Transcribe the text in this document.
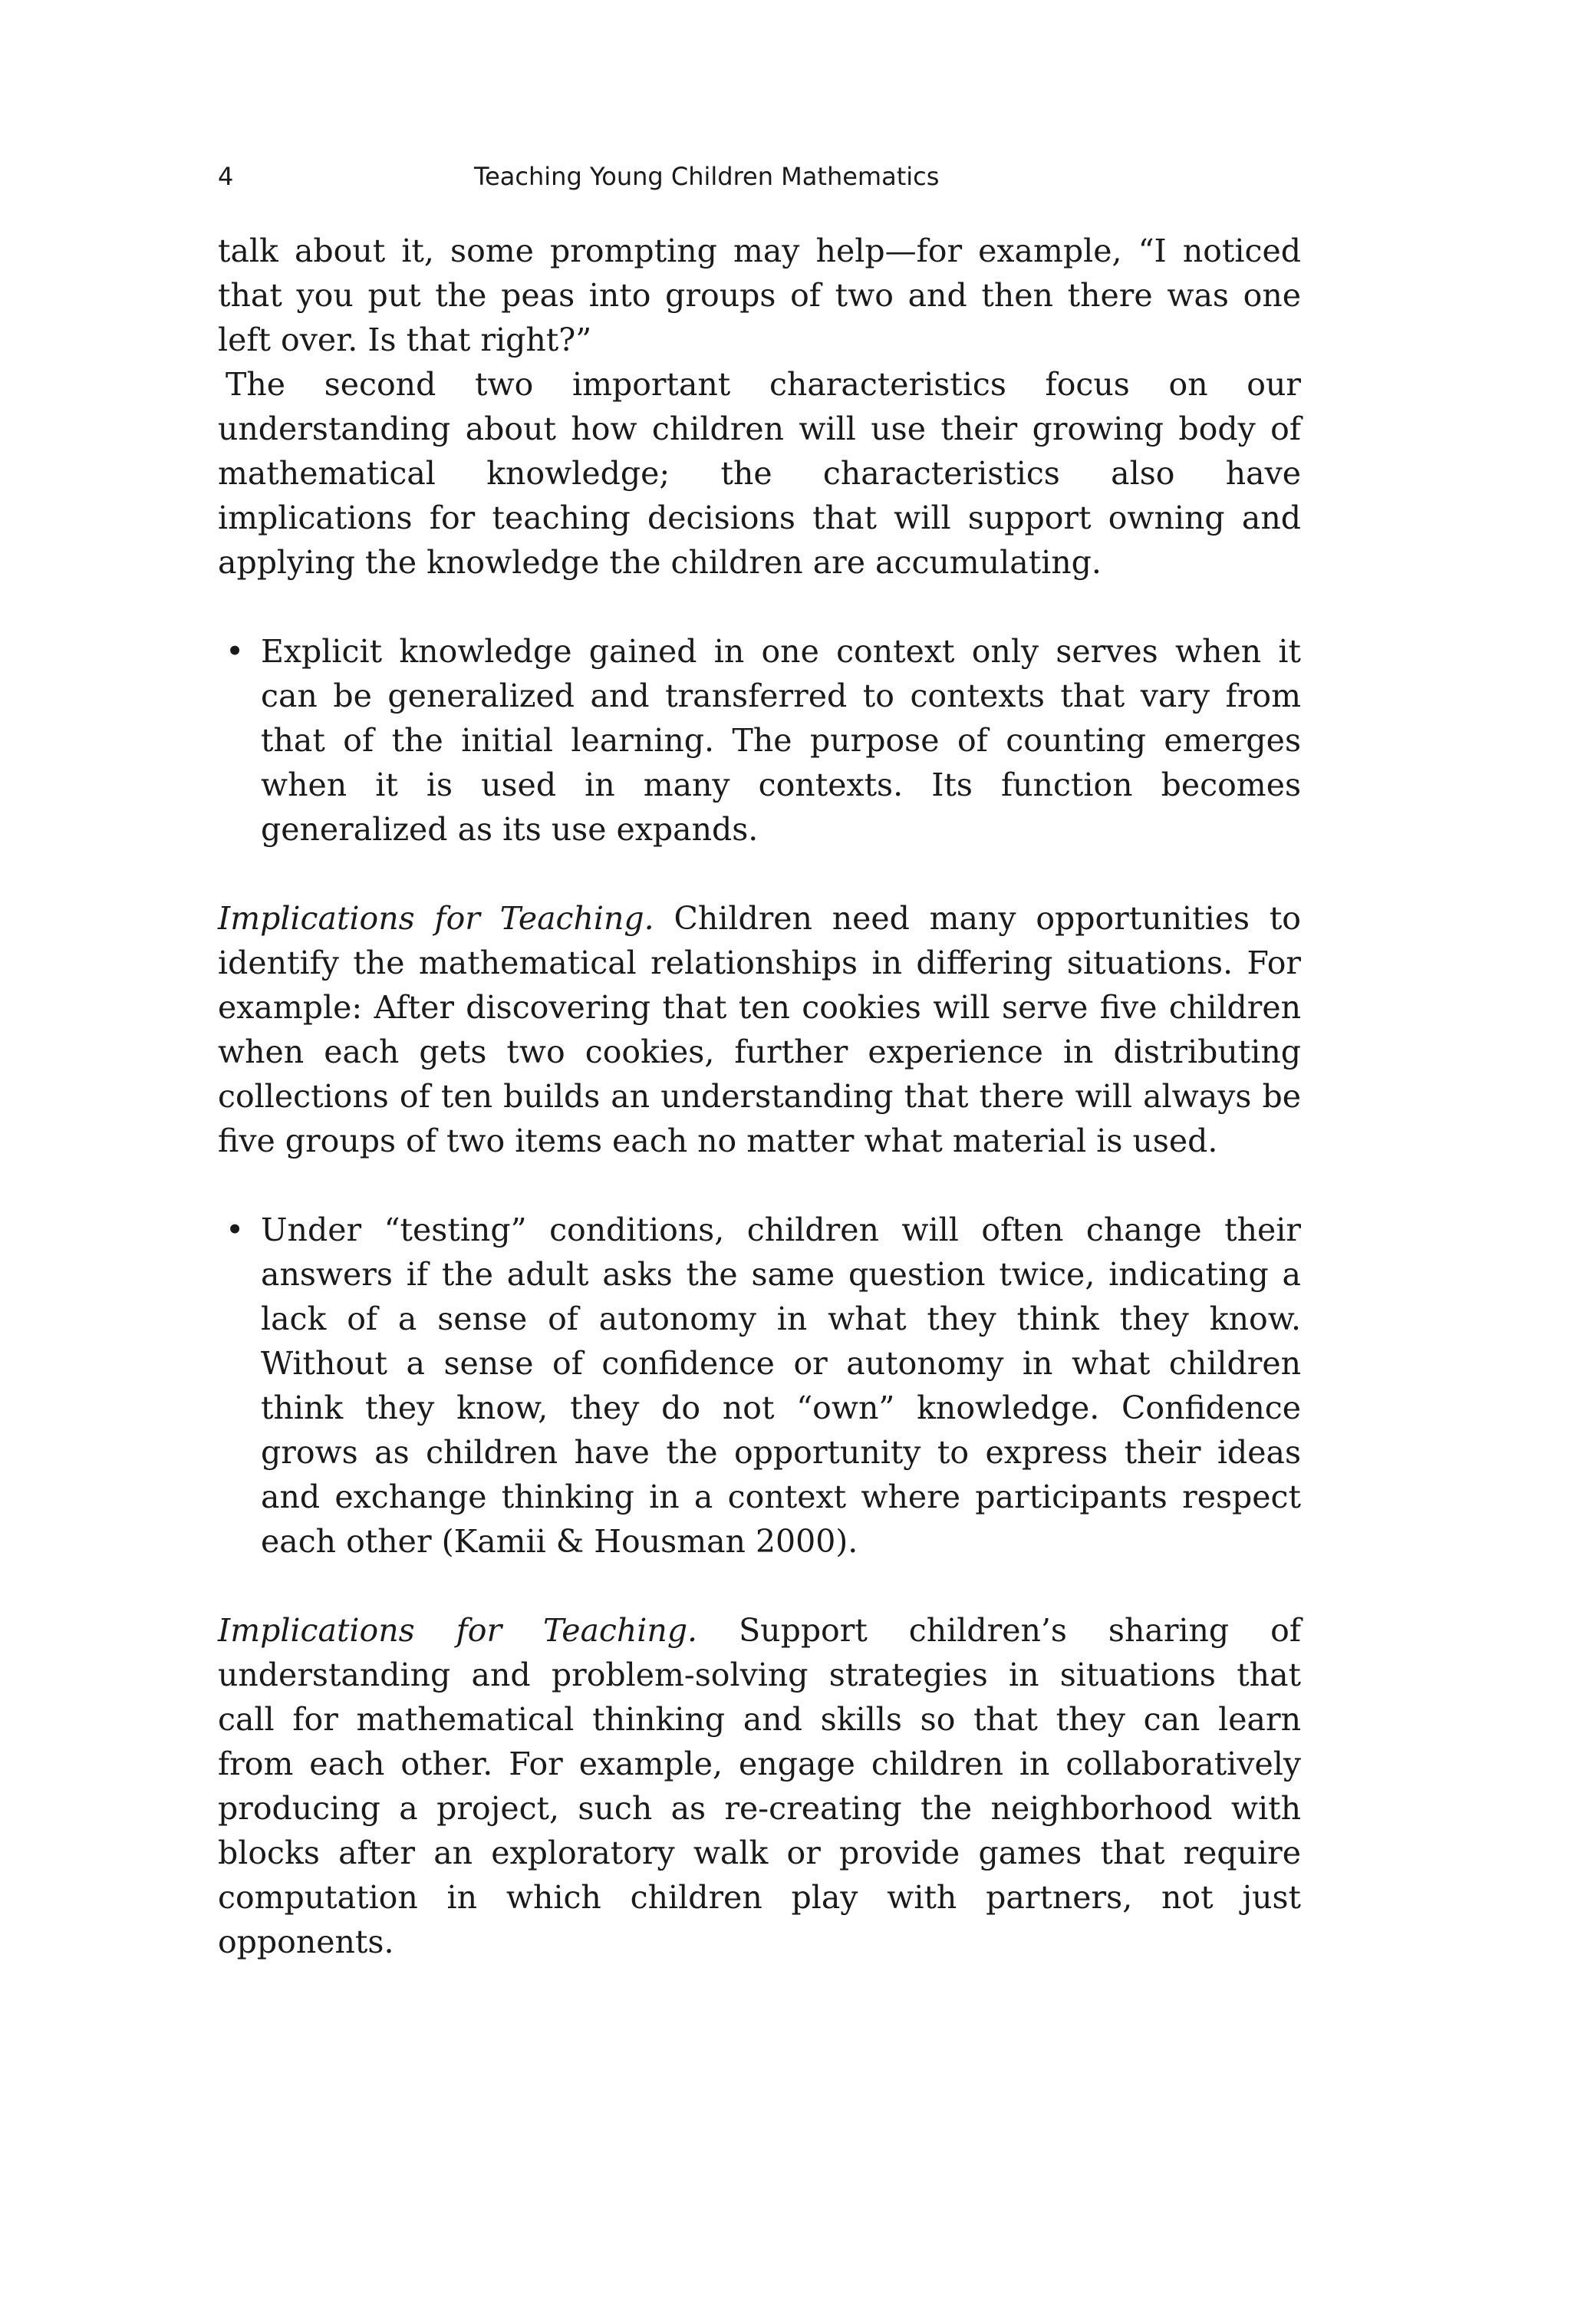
4	Teaching Young Children Mathematics

talk about it, some prompting may help—for example, “I noticed that you put the peas into groups of two and then there was one left over. Is that right?”

The second two important characteristics focus on our understanding about how children will use their growing body of mathematical knowledge; the characteristics also have implications for teaching decisions that will support owning and applying the knowledge the children are accumulating.

• Explicit knowledge gained in one context only serves when it can be generalized and transferred to contexts that vary from that of the initial learning. The purpose of counting emerges when it is used in many contexts. Its function becomes generalized as its use expands.

Implications for Teaching. Children need many opportunities to identify the mathematical relationships in differing situations. For example: After discovering that ten cookies will serve five children when each gets two cookies, further experience in distributing collections of ten builds an understanding that there will always be five groups of two items each no matter what material is used.

• Under “testing” conditions, children will often change their answers if the adult asks the same question twice, indicating a lack of a sense of autonomy in what they think they know. Without a sense of confidence or autonomy in what children think they know, they do not “own” knowledge. Confidence grows as children have the opportunity to express their ideas and exchange thinking in a context where participants respect each other (Kamii & Housman 2000).

Implications for Teaching. Support children’s sharing of understanding and problem-solving strategies in situations that call for mathematical thinking and skills so that they can learn from each other. For example, engage children in collaboratively producing a project, such as re-creating the neighborhood with blocks after an exploratory walk or provide games that require computation in which children play with partners, not just opponents.
